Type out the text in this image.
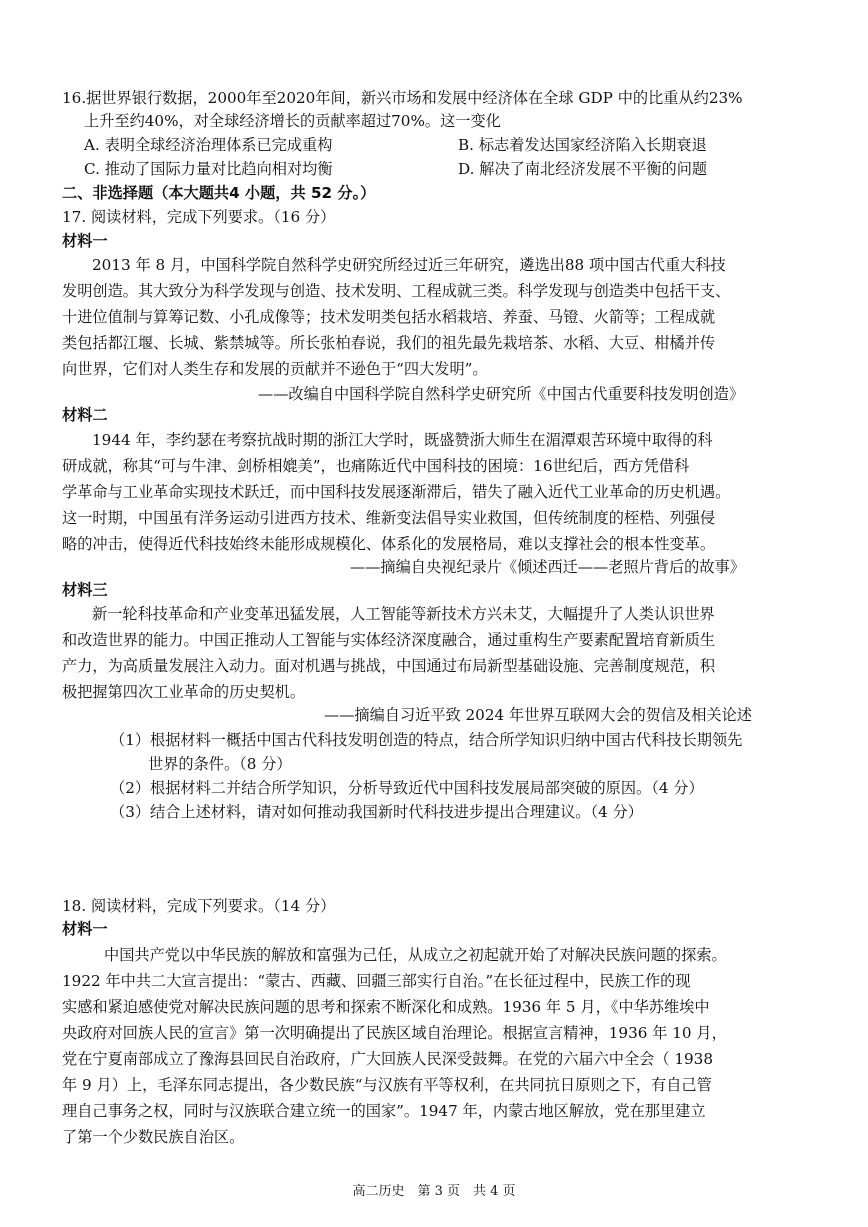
16.据世界银行数据，2000年至2020年间，新兴市场和发展中经济体在全球 GDP 中的比重从约23%
上升至约40%，对全球经济增长的贡献率超过70%。这一变化
A. 表明全球经济治理体系已完成重构	B. 标志着发达国家经济陷入长期衰退
C. 推动了国际力量对比趋向相对均衡	D. 解决了南北经济发展不平衡的问题
二、非选择题（本大题共4 小题，共 52 分。）
17. 阅读材料，完成下列要求。（16 分）
材料一
2013 年 8 月，中国科学院自然科学史研究所经过近三年研究，遴选出88 项中国古代重大科技
发明创造。其大致分为科学发现与创造、技术发明、工程成就三类。科学发现与创造类中包括干支、
十进位值制与算筹记数、小孔成像等；技术发明类包括水稻栽培、养蚕、马镫、火箭等；工程成就
类包括都江堰、长城、紫禁城等。所长张柏春说，我们的祖先最先栽培茶、水稻、大豆、柑橘并传
向世界，它们对人类生存和发展的贡献并不逊色于“四大发明”。
——改编自中国科学院自然科学史研究所《中国古代重要科技发明创造》
材料二
1944 年，李约瑟在考察抗战时期的浙江大学时，既盛赞浙大师生在湄潭艰苦环境中取得的科
研成就，称其“可与牛津、剑桥相媲美”，也痛陈近代中国科技的困境：16世纪后，西方凭借科
学革命与工业革命实现技术跃迁，而中国科技发展逐渐滞后，错失了融入近代工业革命的历史机遇。
这一时期，中国虽有洋务运动引进西方技术、维新变法倡导实业救国，但传统制度的桎梏、列强侵
略的冲击，使得近代科技始终未能形成规模化、体系化的发展格局，难以支撑社会的根本性变革。
——摘编自央视纪录片《倾述西迁——老照片背后的故事》
材料三
新一轮科技革命和产业变革迅猛发展，人工智能等新技术方兴未艾，大幅提升了人类认识世界
和改造世界的能力。中国正推动人工智能与实体经济深度融合，通过重构生产要素配置培育新质生
产力，为高质量发展注入动力。面对机遇与挑战，中国通过布局新型基础设施、完善制度规范，积
极把握第四次工业革命的历史契机。
——摘编自习近平致 2024 年世界互联网大会的贺信及相关论述
（1）根据材料一概括中国古代科技发明创造的特点，结合所学知识归纳中国古代科技长期领先
世界的条件。（8 分）
（2）根据材料二并结合所学知识，分析导致近代中国科技发展局部突破的原因。（4 分）
（3）结合上述材料，请对如何推动我国新时代科技进步提出合理建议。（4 分）
18. 阅读材料，完成下列要求。（14 分）
材料一
中国共产党以中华民族的解放和富强为己任，从成立之初起就开始了对解决民族问题的探索。
1922 年中共二大宣言提出：“蒙古、西藏、回疆三部实行自治。”在长征过程中，民族工作的现
实感和紧迫感使党对解决民族问题的思考和探索不断深化和成熟。1936 年 5 月，《中华苏维埃中
央政府对回族人民的宣言》第一次明确提出了民族区域自治理论。根据宣言精神，1936 年 10 月，
党在宁夏南部成立了豫海县回民自治政府，广大回族人民深受鼓舞。在党的六届六中全会（ 1938
年 9 月）上，毛泽东同志提出，各少数民族“与汉族有平等权利，在共同抗日原则之下，有自己管
理自己事务之权，同时与汉族联合建立统一的国家”。1947 年，内蒙古地区解放，党在那里建立
了第一个少数民族自治区。
高二历史　第 3 页　共 4 页
